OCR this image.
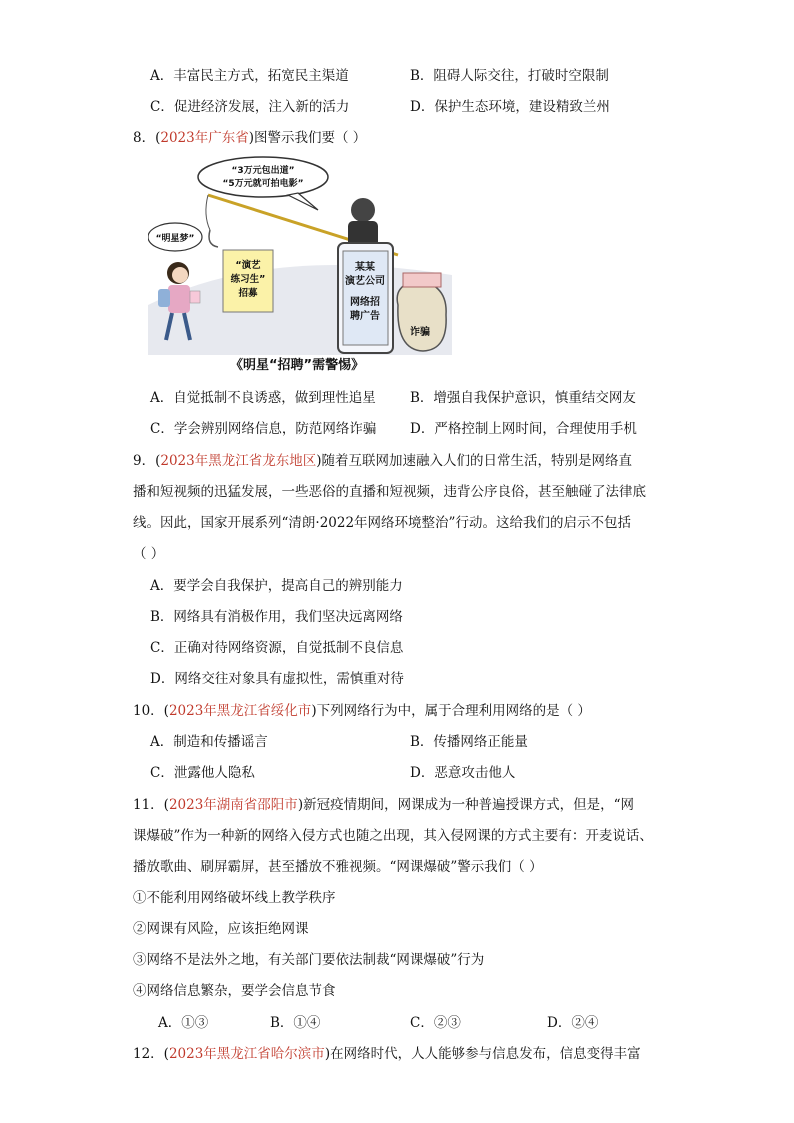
A．丰富民主方式，拓宽民主渠道	B．阻碍人际交往，打破时空限制
C．促进经济发展，注入新的活力	D．保护生态环境，建设精致兰州
8．(2023年广东省)图警示我们要（ ）
“3万元包出道”
“5万元就可拍电影”
某某
演艺公司
网络招
聘广告
诈骗
“演艺
练习生”
招募
“明星梦”
《明星“招聘”需警惕》
A．自觉抵制不良诱惑，做到理性追星	B．增强自我保护意识，慎重结交网友
C．学会辨别网络信息，防范网络诈骗 D．严格控制上网时间，合理使用手机
9．(2023年黑龙江省龙东地区)随着互联网加速融入人们的日常生活，特别是网络直
播和短视频的迅猛发展，一些恶俗的直播和短视频，违背公序良俗，甚至触碰了法律底
线。因此，国家开展系列“清朗·2022年网络环境整治”行动。这给我们的启示不包括
（ ）
A．要学会自我保护，提高自己的辨别能力
B．网络具有消极作用，我们坚决远离网络
C．正确对待网络资源，自觉抵制不良信息
D．网络交往对象具有虚拟性，需慎重对待
10．(2023年黑龙江省绥化市)下列网络行为中，属于合理利用网络的是（ ）
A．制造和传播谣言	B．传播网络正能量
C．泄露他人隐私	D．恶意攻击他人
11．(2023年湖南省邵阳市)新冠疫情期间，网课成为一种普遍授课方式，但是，“网
课爆破”作为一种新的网络入侵方式也随之出现，其入侵网课的方式主要有：开麦说话、
播放歌曲、刷屏霸屏，甚至播放不雅视频。“网课爆破”警示我们（ ）
①不能利用网络破坏线上教学秩序
②网课有风险，应该拒绝网课
③网络不是法外之地，有关部门要依法制裁“网课爆破”行为
④网络信息繁杂，要学会信息节食
A．①③	B．①④	C．②③	D．②④
12．(2023年黑龙江省哈尔滨市)在网络时代，人人能够参与信息发布，信息变得丰富
